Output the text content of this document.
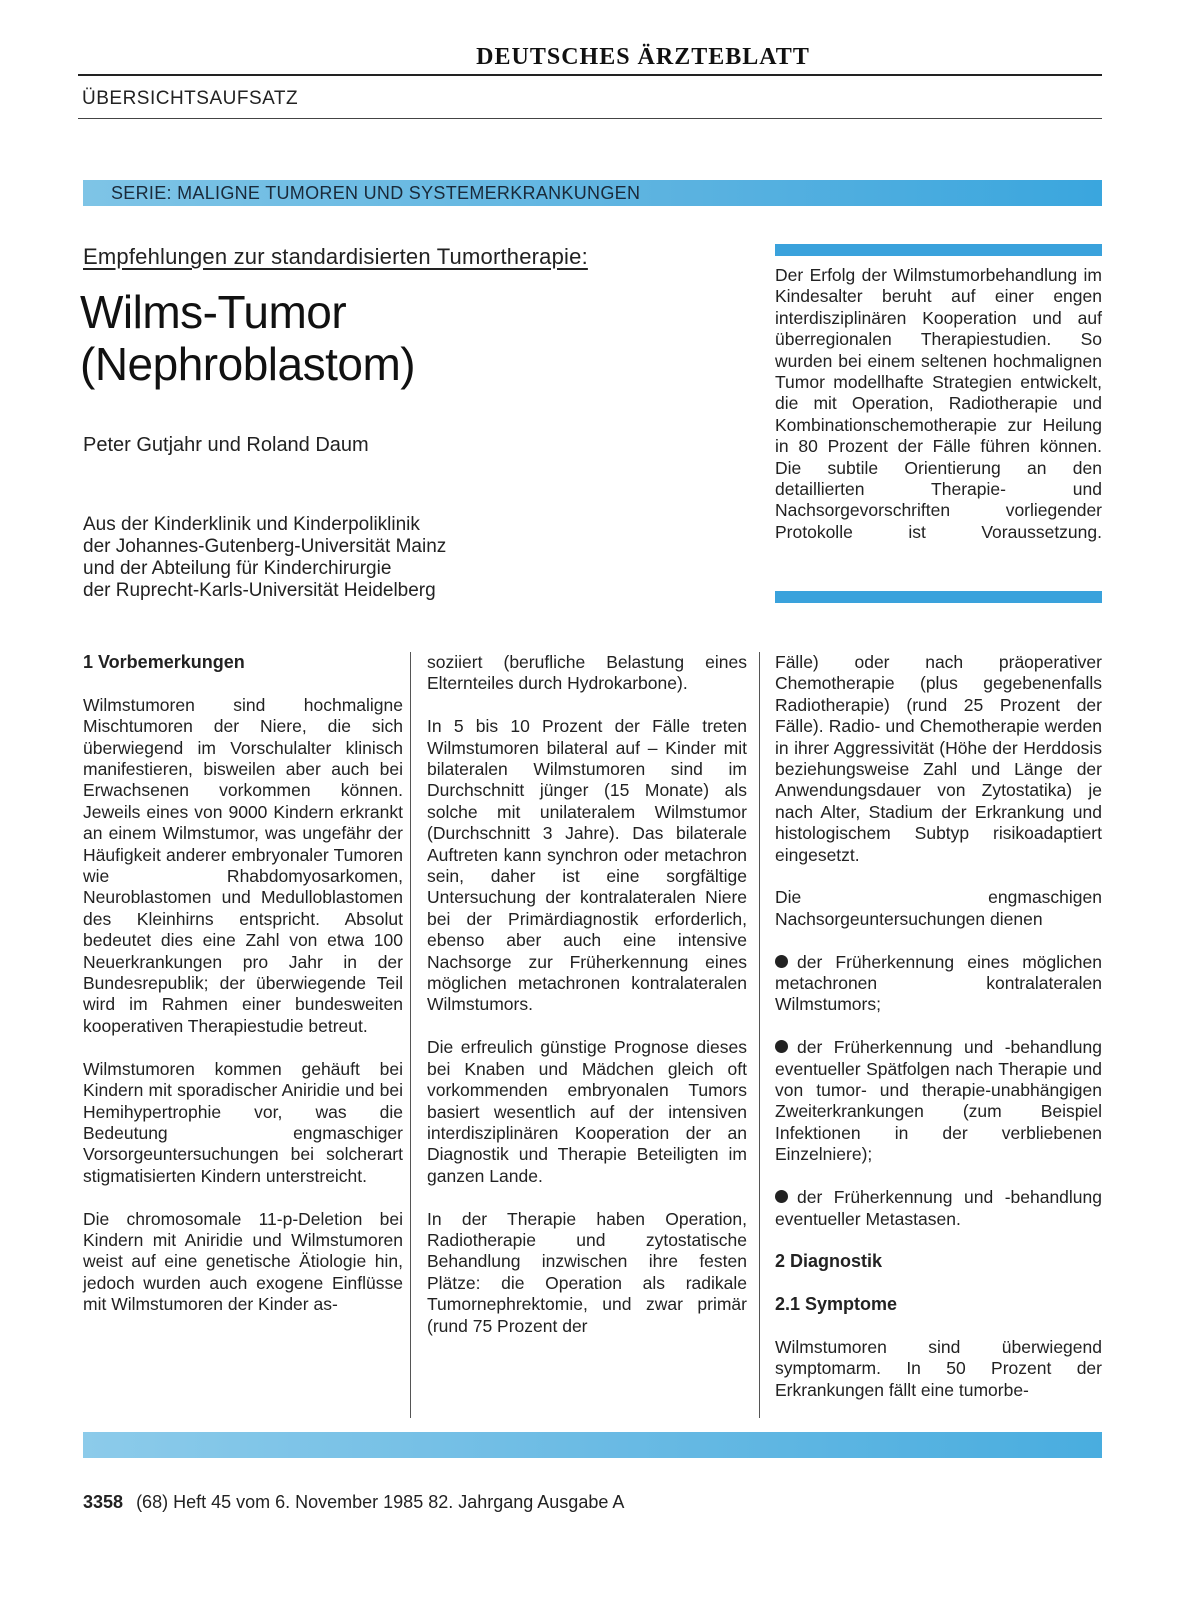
DEUTSCHES ÄRZTEBLATT
ÜBERSICHTSAUFSATZ
SERIE: MALIGNE TUMOREN UND SYSTEMERKRANKUNGEN
Empfehlungen zur standardisierten Tumortherapie:
Wilms-Tumor
(Nephroblastom)
Peter Gutjahr und Roland Daum
Aus der Kinderklinik und Kinderpoliklinik
der Johannes-Gutenberg-Universität Mainz
und der Abteilung für Kinderchirurgie
der Ruprecht-Karls-Universität Heidelberg
Der Erfolg der Wilmstumorbehandlung im Kindesalter beruht auf einer engen interdisziplinären Kooperation und auf überregionalen Therapiestudien. So wurden bei einem seltenen hochmalignen Tumor modellhafte Strategien entwickelt, die mit Operation, Radiotherapie und Kombinationschemotherapie zur Heilung in 80 Prozent der Fälle führen können. Die subtile Orientierung an den detaillierten Therapie- und Nachsorgevorschriften vorliegender Protokolle ist Voraussetzung.
1 Vorbemerkungen

Wilmstumoren sind hochmaligne Mischtumoren der Niere, die sich überwiegend im Vorschulalter klinisch manifestieren, bisweilen aber auch bei Erwachsenen vorkommen können. Jeweils eines von 9000 Kindern erkrankt an einem Wilmstumor, was ungefähr der Häufigkeit anderer embryonaler Tumoren wie Rhabdomyosarkomen, Neuroblastomen und Medulloblastomen des Kleinhirns entspricht. Absolut bedeutet dies eine Zahl von etwa 100 Neuerkrankungen pro Jahr in der Bundesrepublik; der überwiegende Teil wird im Rahmen einer bundesweiten kooperativen Therapiestudie betreut.

Wilmstumoren kommen gehäuft bei Kindern mit sporadischer Aniridie und bei Hemihypertrophie vor, was die Bedeutung engmaschiger Vorsorgeuntersuchungen bei solcherart stigmatisierten Kindern unterstreicht.

Die chromosomale 11-p-Deletion bei Kindern mit Aniridie und Wilmstumoren weist auf eine genetische Ätiologie hin, jedoch wurden auch exogene Einflüsse mit Wilmstumoren der Kinder as-

soziiert (berufliche Belastung eines Elternteiles durch Hydrokarbone).

In 5 bis 10 Prozent der Fälle treten Wilmstumoren bilateral auf – Kinder mit bilateralen Wilmstumoren sind im Durchschnitt jünger (15 Monate) als solche mit unilateralem Wilmstumor (Durchschnitt 3 Jahre). Das bilaterale Auftreten kann synchron oder metachron sein, daher ist eine sorgfältige Untersuchung der kontralateralen Niere bei der Primärdiagnostik erforderlich, ebenso aber auch eine intensive Nachsorge zur Früherkennung eines möglichen metachronen kontralateralen Wilmstumors.

Die erfreulich günstige Prognose dieses bei Knaben und Mädchen gleich oft vorkommenden embryonalen Tumors basiert wesentlich auf der intensiven interdisziplinären Kooperation der an Diagnostik und Therapie Beteiligten im ganzen Lande.

In der Therapie haben Operation, Radiotherapie und zytostatische Behandlung inzwischen ihre festen Plätze: die Operation als radikale Tumornephrektomie, und zwar primär (rund 75 Prozent der

Fälle) oder nach präoperativer Chemotherapie (plus gegebenenfalls Radiotherapie) (rund 25 Prozent der Fälle). Radio- und Chemotherapie werden in ihrer Aggressivität (Höhe der Herddosis beziehungsweise Zahl und Länge der Anwendungsdauer von Zytostatika) je nach Alter, Stadium der Erkrankung und histologischem Subtyp risikoadaptiert eingesetzt.

Die engmaschigen Nachsorgeuntersuchungen dienen

der Früherkennung eines möglichen metachronen kontralateralen Wilmstumors;

der Früherkennung und -behandlung eventueller Spätfolgen nach Therapie und von tumor- und therapie-unabhängigen Zweiterkrankungen (zum Beispiel Infektionen in der verbliebenen Einzelniere);

der Früherkennung und -behandlung eventueller Metastasen.

2 Diagnostik
2.1 Symptome

Wilmstumoren sind überwiegend symptomarm. In 50 Prozent der Erkrankungen fällt eine tumorbe-

3358 (68) Heft 45 vom 6. November 1985 82. Jahrgang Ausgabe A
